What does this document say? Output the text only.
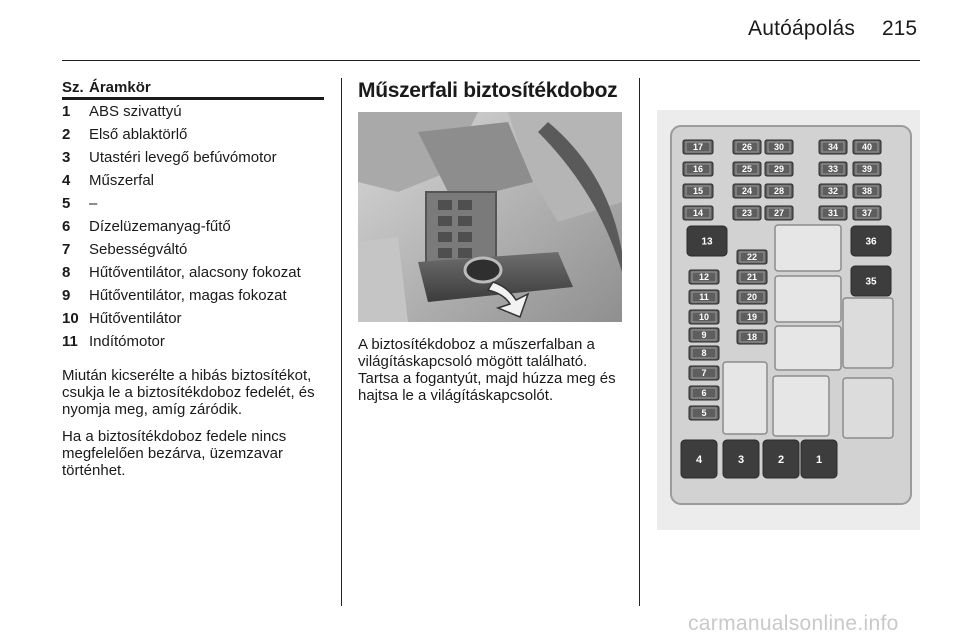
Autóápolás 215
Sz. Áramkör
1 ABS szivattyú
2 Első ablaktörlő
3 Utastéri levegő befúvómotor
4 Műszerfal
5 –
6 Dízelüzemanyag-fűtő
7 Sebességváltó
8 Hűtőventilátor, alacsony fokozat
9 Hűtőventilátor, magas fokozat
10 Hűtőventilátor
11 Indítómotor

Miután kicserélte a hibás biztosítékot, csukja le a biztosítékdoboz fedelét, és nyomja meg, amíg záródik.

Ha a biztosítékdoboz fedele nincs megfelelően bezárva, üzemzavar történhet.

Műszerfali biztosítékdoboz

A biztosítékdoboz a műszerfalban a világításkapcsoló mögött található. Tartsa a fogantyút, majd húzza meg és hajtsa le a világításkapcsolót.

17
16
15
14
26
25
24
23
30
29
28
27
34
33
32
31
40
39
38
37
13	36
35
12
11
10
9
8
7
6
5
22
21
20
19
18
4	3	2	1
carmanualsonline.info
